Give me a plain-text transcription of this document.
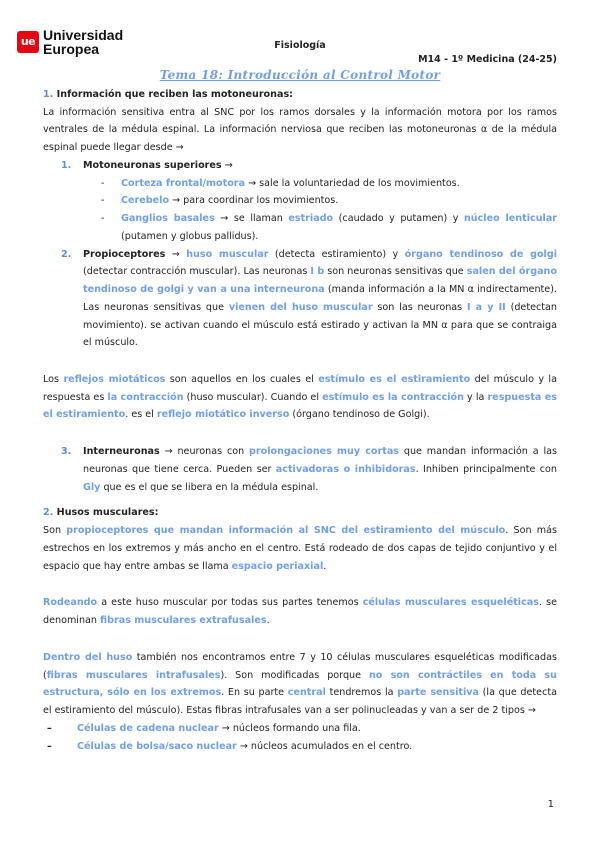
ue Universidad
Europea	Fisiología
M14 - 1º Medicina (24-25)
Tema 18: Introducción al Control Motor

1. Información que reciben las motoneuronas:

La información sensitiva entra al SNC por los ramos dorsales y la información motora por los ramos ventrales de la médula espinal. La información nerviosa que reciben las motoneuronas α de la médula espinal puede llegar desde →

1.	Motoneuronas superiores →
-	Corteza frontal/motora → sale la voluntariedad de los movimientos.
-	Cerebelo → para coordinar los movimientos.
-	Ganglios basales → se llaman estriado (caudado y putamen) y núcleo lenticular (putamen y globus pallidus).
2.	Propioceptores → huso muscular (detecta estiramiento) y órgano tendinoso de golgi (detectar contracción muscular). Las neuronas I b son neuronas sensitivas que salen del órgano tendinoso de golgi y van a una interneurona (manda información a la MN α indirectamente). Las neuronas sensitivas que vienen del huso muscular son las neuronas I a y II (detectan movimiento). se activan cuando el músculo está estirado y activan la MN α para que se contraiga el músculo.

Los reflejos miotáticos son aquellos en los cuales el estímulo es el estiramiento del músculo y la respuesta es la contracción (huso muscular). Cuando el estímulo es la contracción y la respuesta es el estiramiento. es el reflejo miotático inverso (órgano tendinoso de Golgi).

3.	Interneuronas → neuronas con prolongaciones muy cortas que mandan información a las neuronas que tiene cerca. Pueden ser activadoras o inhibidoras. Inhiben principalmente con Gly que es el que se libera en la médula espinal.

2. Husos musculares:

Son propioceptores que mandan información al SNC del estiramiento del músculo. Son más estrechos en los extremos y más ancho en el centro. Está rodeado de dos capas de tejido conjuntivo y el espacio que hay entre ambas se llama espacio periaxial.

Rodeando a este huso muscular por todas sus partes tenemos células musculares esqueléticas. se denominan fibras musculares extrafusales.

Dentro del huso también nos encontramos entre 7 y 10 células musculares esqueléticas modificadas (fibras musculares intrafusales). Son modificadas porque no son contráctiles en toda su estructura, sólo en los extremos. En su parte central tendremos la parte sensitiva (la que detecta el estiramiento del músculo). Estas fibras intrafusales van a ser polinucleadas y van a ser de 2 tipos →

–	Células de cadena nuclear → núcleos formando una fila.
–	Células de bolsa/saco nuclear → núcleos acumulados en el centro.
1
